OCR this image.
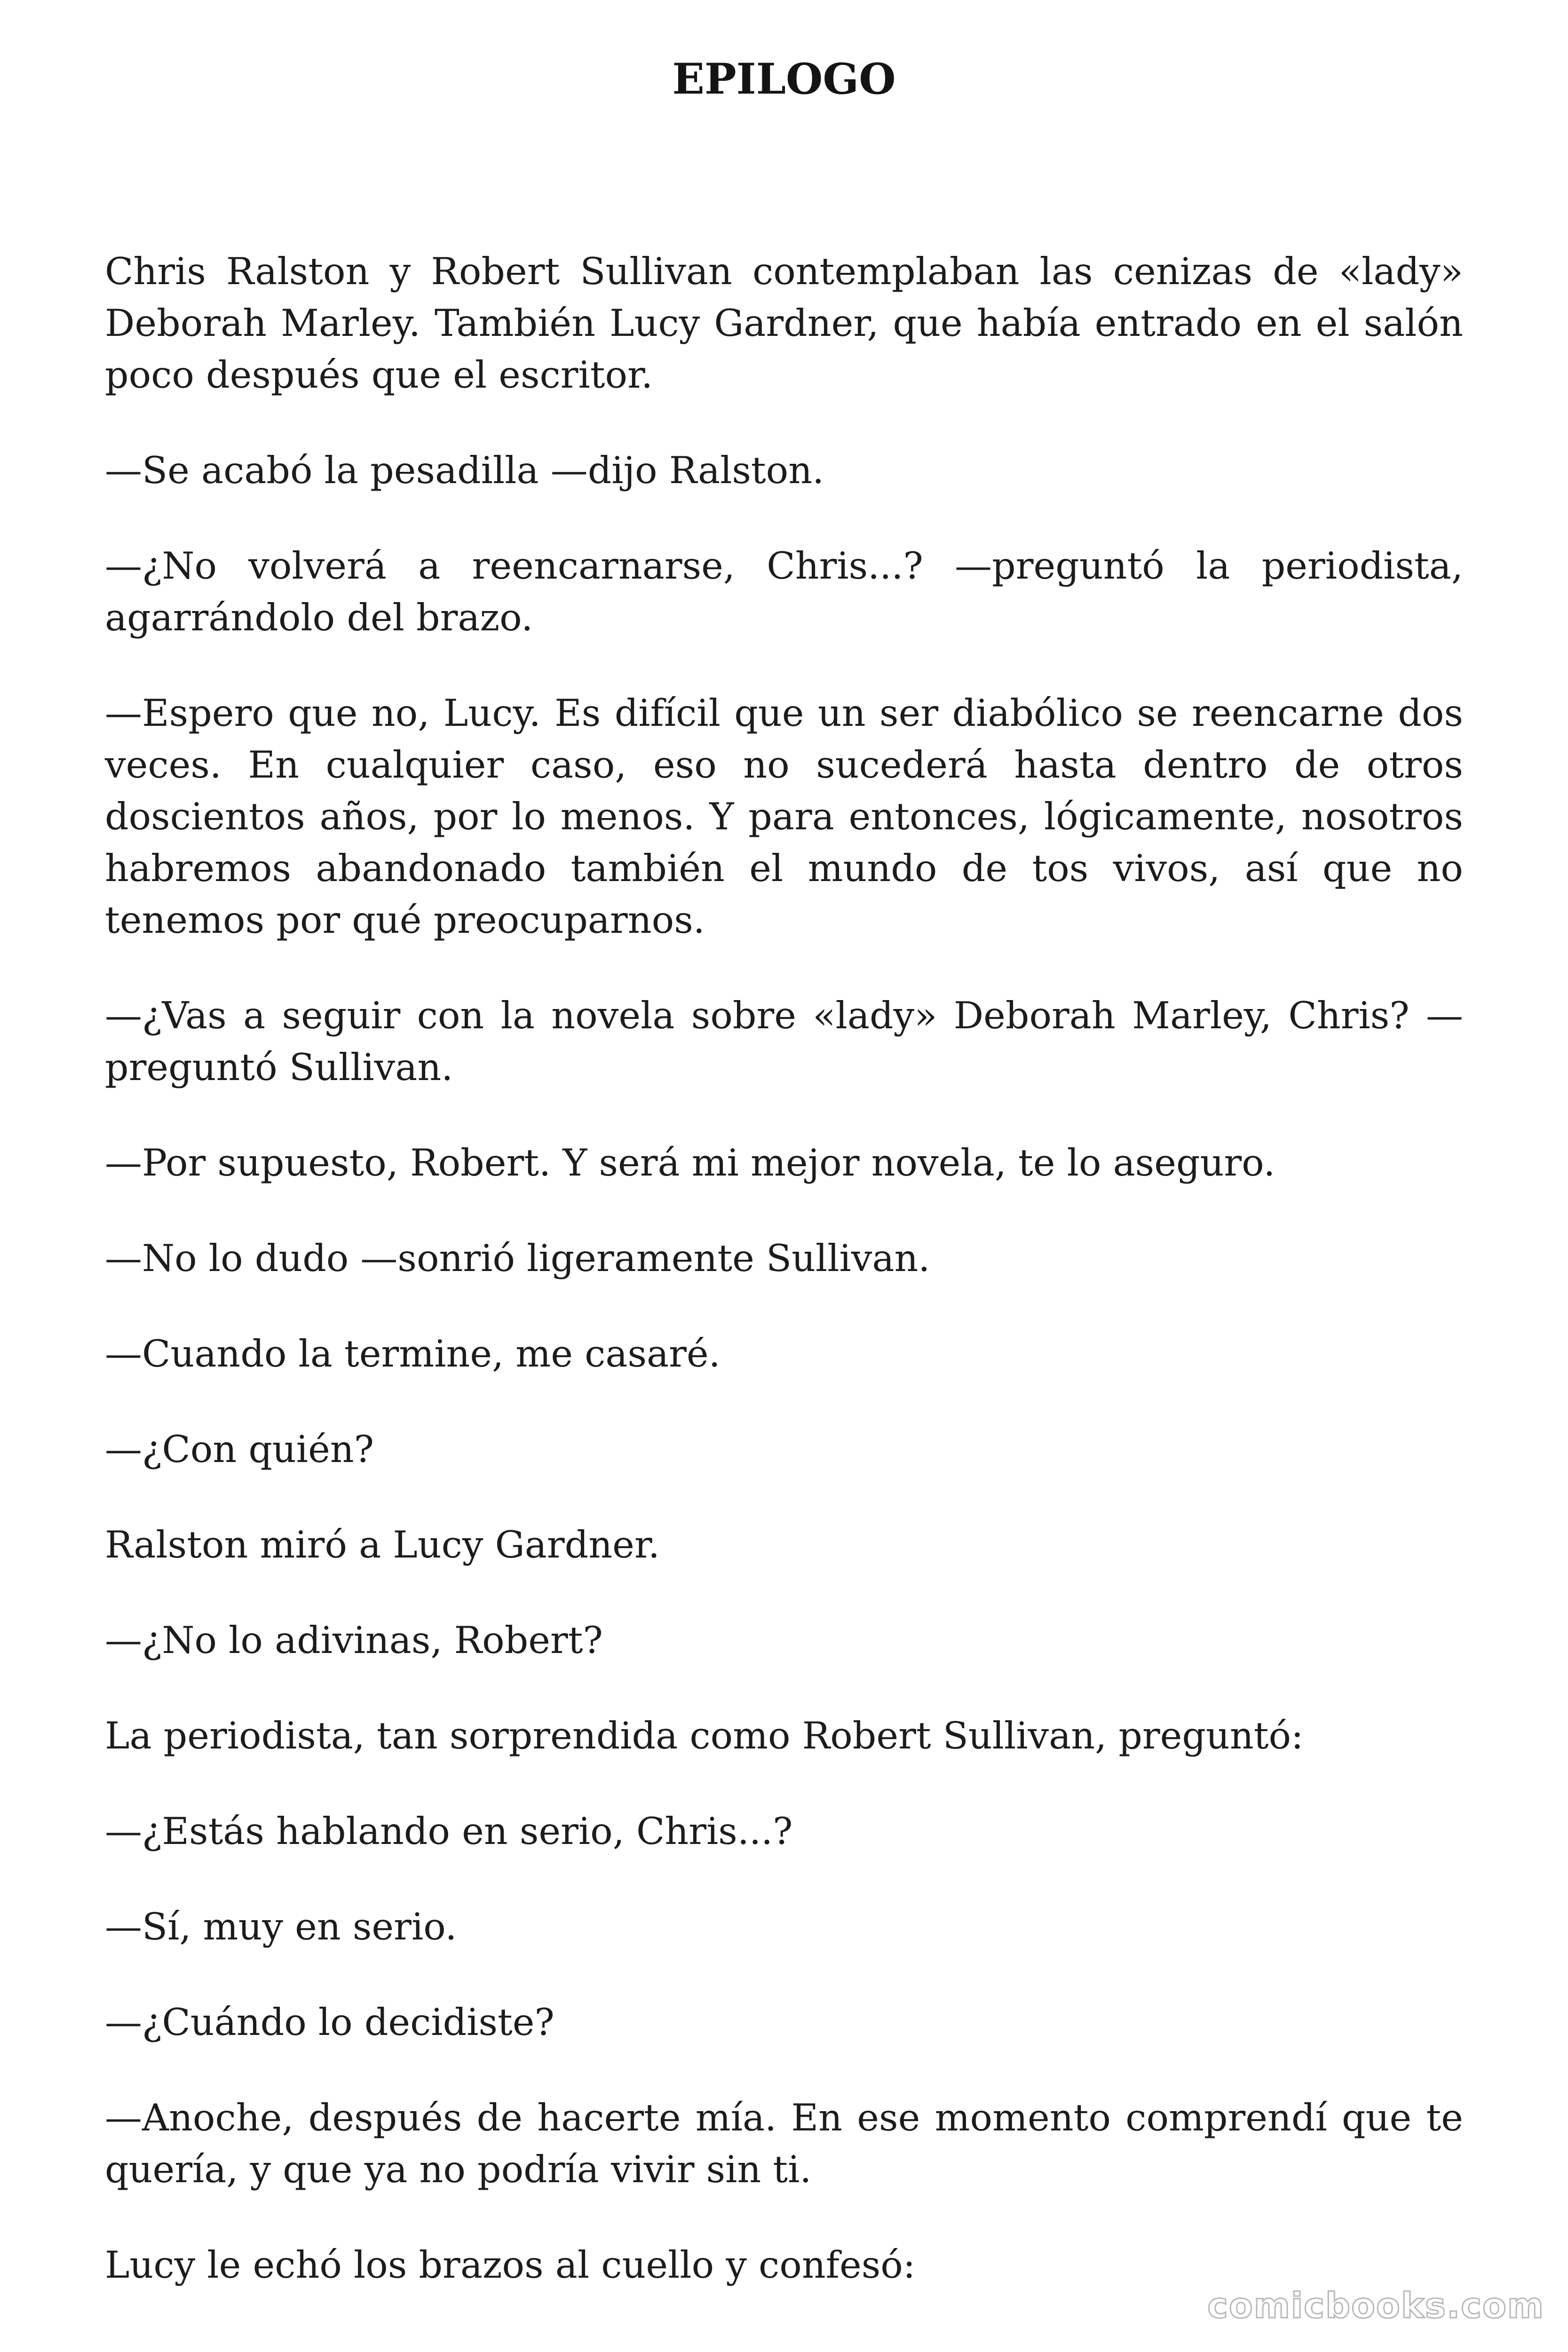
EPILOGO

Chris Ralston y Robert Sullivan contemplaban las cenizas de «lady» Deborah Marley. También Lucy Gardner, que había entrado en el salón poco después que el escritor.

—Se acabó la pesadilla —dijo Ralston.

—¿No volverá a reencarnarse, Chris...? —preguntó la periodista, agarrándolo del brazo.

—Espero que no, Lucy. Es difícil que un ser diabólico se reencarne dos veces. En cualquier caso, eso no sucederá hasta dentro de otros doscientos años, por lo menos. Y para entonces, lógicamente, nosotros habremos abandonado también el mundo de tos vivos, así que no tenemos por qué preocuparnos.

—¿Vas a seguir con la novela sobre «lady» Deborah Marley, Chris? — preguntó Sullivan.

—Por supuesto, Robert. Y será mi mejor novela, te lo aseguro.

—No lo dudo —sonrió ligeramente Sullivan.

—Cuando la termine, me casaré.

—¿Con quién?

Ralston miró a Lucy Gardner.

—¿No lo adivinas, Robert?

La periodista, tan sorprendida como Robert Sullivan, preguntó:

—¿Estás hablando en serio, Chris...?

—Sí, muy en serio.

—¿Cuándo lo decidiste?

—Anoche, después de hacerte mía. En ese momento comprendí que te quería, y que ya no podría vivir sin ti.

Lucy le echó los brazos al cuello y confesó:

comicbooks.com
